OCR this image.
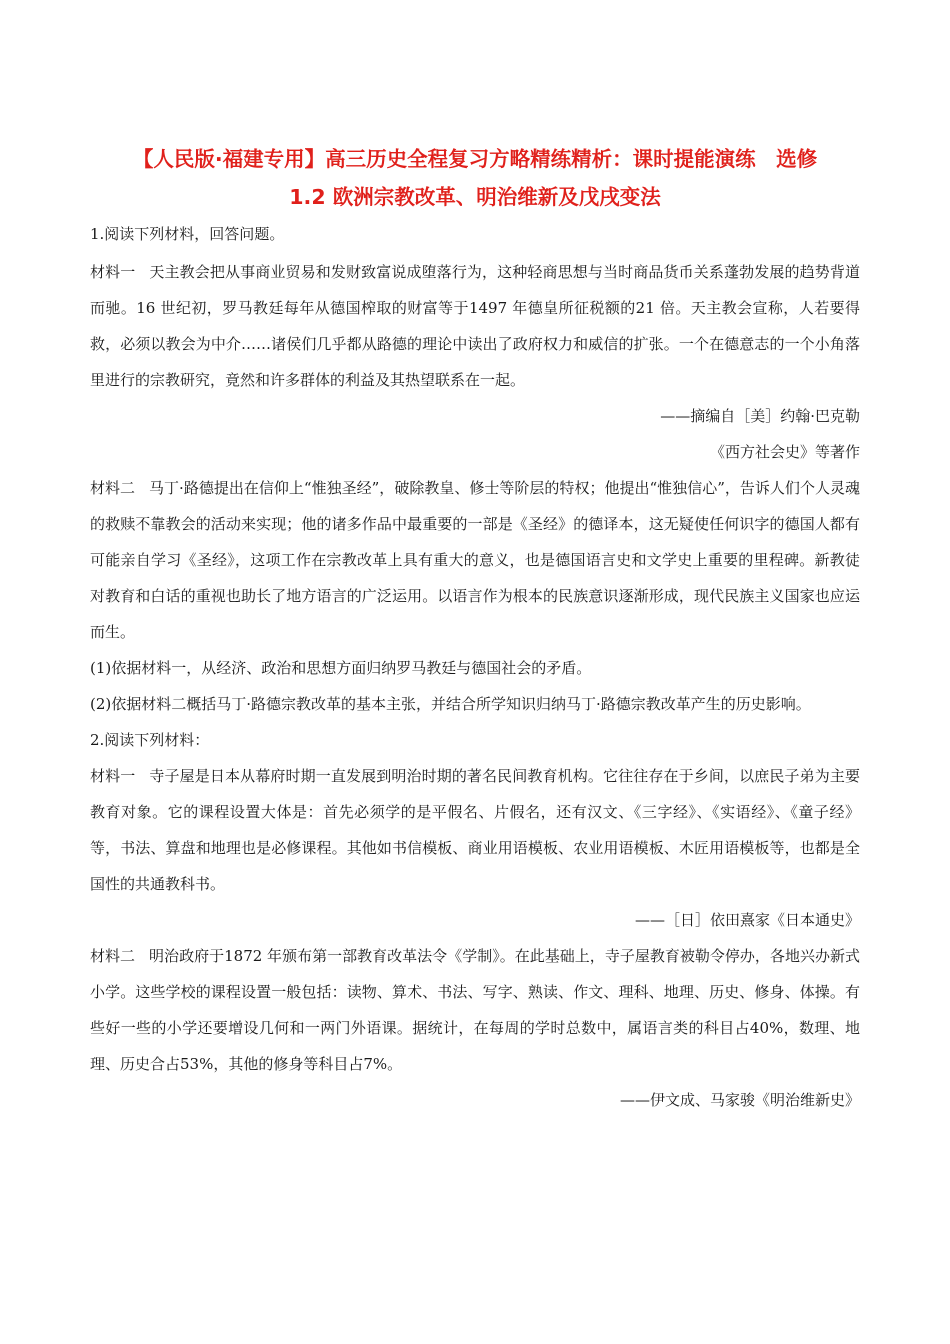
【人民版·福建专用】高三历史全程复习方略精练精析：课时提能演练　选修
1.2 欧洲宗教改革、明治维新及戊戌变法

1.阅读下列材料，回答问题。

材料一 天主教会把从事商业贸易和发财致富说成堕落行为，这种轻商思想与当时商品货币关系蓬勃发展的趋势背道而驰。16 世纪初，罗马教廷每年从德国榨取的财富等于1497 年德皇所征税额的21 倍。天主教会宣称，人若要得救，必须以教会为中介……诸侯们几乎都从路德的理论中读出了政府权力和威信的扩张。一个在德意志的一个小角落里进行的宗教研究，竟然和许多群体的利益及其热望联系在一起。

——摘编自［美］约翰·巴克勒

《西方社会史》等著作

材料二 马丁·路德提出在信仰上“惟独圣经”，破除教皇、修士等阶层的特权；他提出“惟独信心”，告诉人们个人灵魂的救赎不靠教会的活动来实现；他的诸多作品中最重要的一部是《圣经》的德译本，这无疑使任何识字的德国人都有可能亲自学习《圣经》，这项工作在宗教改革上具有重大的意义，也是德国语言史和文学史上重要的里程碑。新教徒对教育和白话的重视也助长了地方语言的广泛运用。以语言作为根本的民族意识逐渐形成，现代民族主义国家也应运而生。

(1)依据材料一，从经济、政治和思想方面归纳罗马教廷与德国社会的矛盾。

(2)依据材料二概括马丁·路德宗教改革的基本主张，并结合所学知识归纳马丁·路德宗教改革产生的历史影响。

2.阅读下列材料：

材料一 寺子屋是日本从幕府时期一直发展到明治时期的著名民间教育机构。它往往存在于乡间，以庶民子弟为主要教育对象。它的课程设置大体是：首先必须学的是平假名、片假名，还有汉文、《三字经》、《实语经》、《童子经》等，书法、算盘和地理也是必修课程。其他如书信模板、商业用语模板、农业用语模板、木匠用语模板等，也都是全国性的共通教科书。

——［日］依田熹家《日本通史》

材料二 明治政府于1872 年颁布第一部教育改革法令《学制》。在此基础上，寺子屋教育被勒令停办，各地兴办新式小学。这些学校的课程设置一般包括：读物、算术、书法、写字、熟读、作文、理科、地理、历史、修身、体操。有些好一些的小学还要增设几何和一两门外语课。据统计，在每周的学时总数中，属语言类的科目占40%，数理、地理、历史合占53%，其他的修身等科目占7%。

——伊文成、马家骏《明治维新史》
